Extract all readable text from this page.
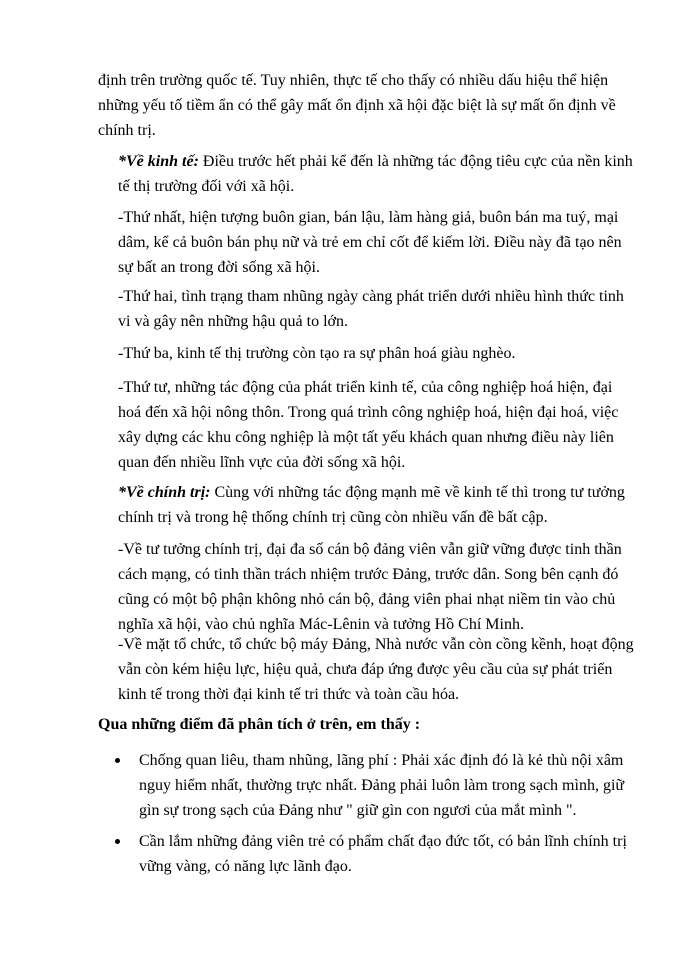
định trên trường quốc tế. Tuy nhiên, thực tế cho thấy có nhiều dấu hiệu thể hiện những yếu tố tiềm ẩn có thể gây mất ổn định xã hội đặc biệt là sự mất ổn định về chính trị.

*Về kinh tế: Điều trước hết phải kể đến là những tác động tiêu cực của nền kinh tế thị trường đối với xã hội.

-Thứ nhất, hiện tượng buôn gian, bán lậu, làm hàng giả, buôn bán ma tuý, mại dâm, kể cả buôn bán phụ nữ và trẻ em chỉ cốt để kiếm lời. Điều này đã tạo nên sự bất an trong đời sống xã hội.

-Thứ hai, tình trạng tham nhũng ngày càng phát triển dưới nhiều hình thức tinh vi và gây nên những hậu quả to lớn.

-Thứ ba, kinh tế thị trường còn tạo ra sự phân hoá giàu nghèo.

-Thứ tư, những tác động của phát triển kinh tế, của công nghiệp hoá hiện, đại hoá đến xã hội nông thôn. Trong quá trình công nghiệp hoá, hiện đại hoá, việc xây dựng các khu công nghiệp là một tất yếu khách quan nhưng điều này liên quan đến nhiều lĩnh vực của đời sống xã hội.

*Về chính trị: Cùng với những tác động mạnh mẽ về kinh tế thì trong tư tưởng chính trị và trong hệ thống chính trị cũng còn nhiều vấn đề bất cập.

-Về tư tưởng chính trị, đại đa số cán bộ đảng viên vẫn giữ vững được tinh thần cách mạng, có tinh thần trách nhiệm trước Đảng, trước dân. Song bên cạnh đó cũng có một bộ phận không nhỏ cán bộ, đảng viên phai nhạt niềm tin vào chủ nghĩa xã hội, vào chủ nghĩa Mác-Lênin và tưởng Hồ Chí Minh.

-Về mặt tổ chức, tổ chức bộ máy Đảng, Nhà nước vẫn còn cồng kềnh, hoạt động vẫn còn kém hiệu lực, hiệu quả, chưa đáp ứng được yêu cầu của sự phát triển kinh tế trong thời đại kinh tế tri thức và toàn cầu hóa.

Qua những điểm đã phân tích ở trên, em thấy :

Chống quan liêu, tham nhũng, lãng phí : Phải xác định đó là kẻ thù nội xâm nguy hiểm nhất, thường trực nhất. Đảng phải luôn làm trong sạch mình, giữ gìn sự trong sạch của Đảng như " giữ gìn con ngươi của mắt mình ".
Cần lắm những đảng viên trẻ có phẩm chất đạo đức tốt, có bản lĩnh chính trị vững vàng, có năng lực lãnh đạo.
